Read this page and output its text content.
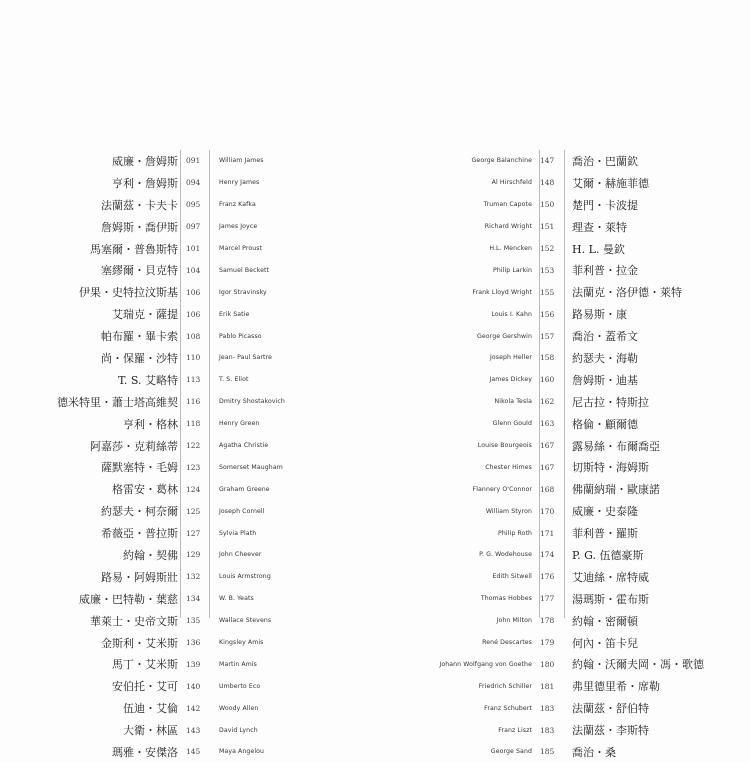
威廉・詹姆斯
亨利・詹姆斯
法蘭茲・卡夫卡
詹姆斯・喬伊斯
馬塞爾・普魯斯特
塞繆爾・貝克特
伊果・史特拉汶斯基
艾瑞克・薩提
帕布羅・畢卡索
尚・保羅・沙特
T. S. 艾略特
德米特里・蕭士塔高維契
亨利・格林
阿嘉莎・克莉絲蒂
薩默塞特・毛姆
格雷安・葛林
約瑟夫・柯奈爾
希薇亞・普拉斯
約翰・契佛
路易・阿姆斯壯
威廉・巴特勒・葉慈
華萊士・史帝文斯
金斯利・艾米斯
馬丁・艾米斯
安伯托・艾可
伍迪・艾倫
大衛・林區
瑪雅・安傑洛
091
094
095
097
101
104
106
106
108
110
113
116
118
122
123
124
125
127
129
132
134
135
136
139
140
142
143
145
William James
Henry James
Franz Kafka
James Joyce
Marcel Proust
Samuel Beckett
Igor Stravinsky
Erik Satie
Pablo Picasso
Jean- Paul Sartre
T. S. Eliot
Dmitry Shostakovich
Henry Green
Agatha Christie
Somerset Maugham
Graham Greene
Joseph Cornell
Sylvia Plath
John Cheever
Louis Armstrong
W. B. Yeats
Wallace Stevens
Kingsley Amis
Martin Amis
Umberto Eco
Woody Allen
David Lynch
Maya Angelou
George Balanchine
Al Hirschfeld
Truman Capote
Richard Wright
H.L. Mencken
Philip Larkin
Frank Lloyd Wright
Louis I. Kahn
George Gershwin
Joseph Heller
James Dickey
Nikola Tesla
Glenn Gould
Louise Bourgeois
Chester Himes
Flannery O'Connor
William Styron
Philip Roth
P. G. Wodehouse
Edith Sitwell
Thomas Hobbes
John Milton
René Descartes
Johann Wolfgang von Goethe
Friedrich Schiller
Franz Schubert
Franz Liszt
George Sand
147
148
150
151
152
153
155
156
157
158
160
162
163
167
167
168
170
171
174
176
177
178
179
180
181
183
183
185
喬治・巴蘭欽
艾爾・赫施菲德
楚門・卡波提
理查・萊特
H. L. 曼欽
菲利普・拉金
法蘭克・洛伊德・萊特
路易斯・康
喬治・蓋希文
約瑟夫・海勒
詹姆斯・迪基
尼古拉・特斯拉
格倫・顧爾德
露易絲・布爾喬亞
切斯特・海姆斯
佛蘭納瑞・歐康諾
威廉・史泰隆
菲利普・羅斯
P. G. 伍德豪斯
艾迪絲・席特威
湯瑪斯・霍布斯
約翰・密爾頓
何內・笛卡兒
約翰・沃爾夫岡・馮・歌德
弗里德里希・席勒
法蘭茲・舒伯特
法蘭茲・李斯特
喬治・桑
